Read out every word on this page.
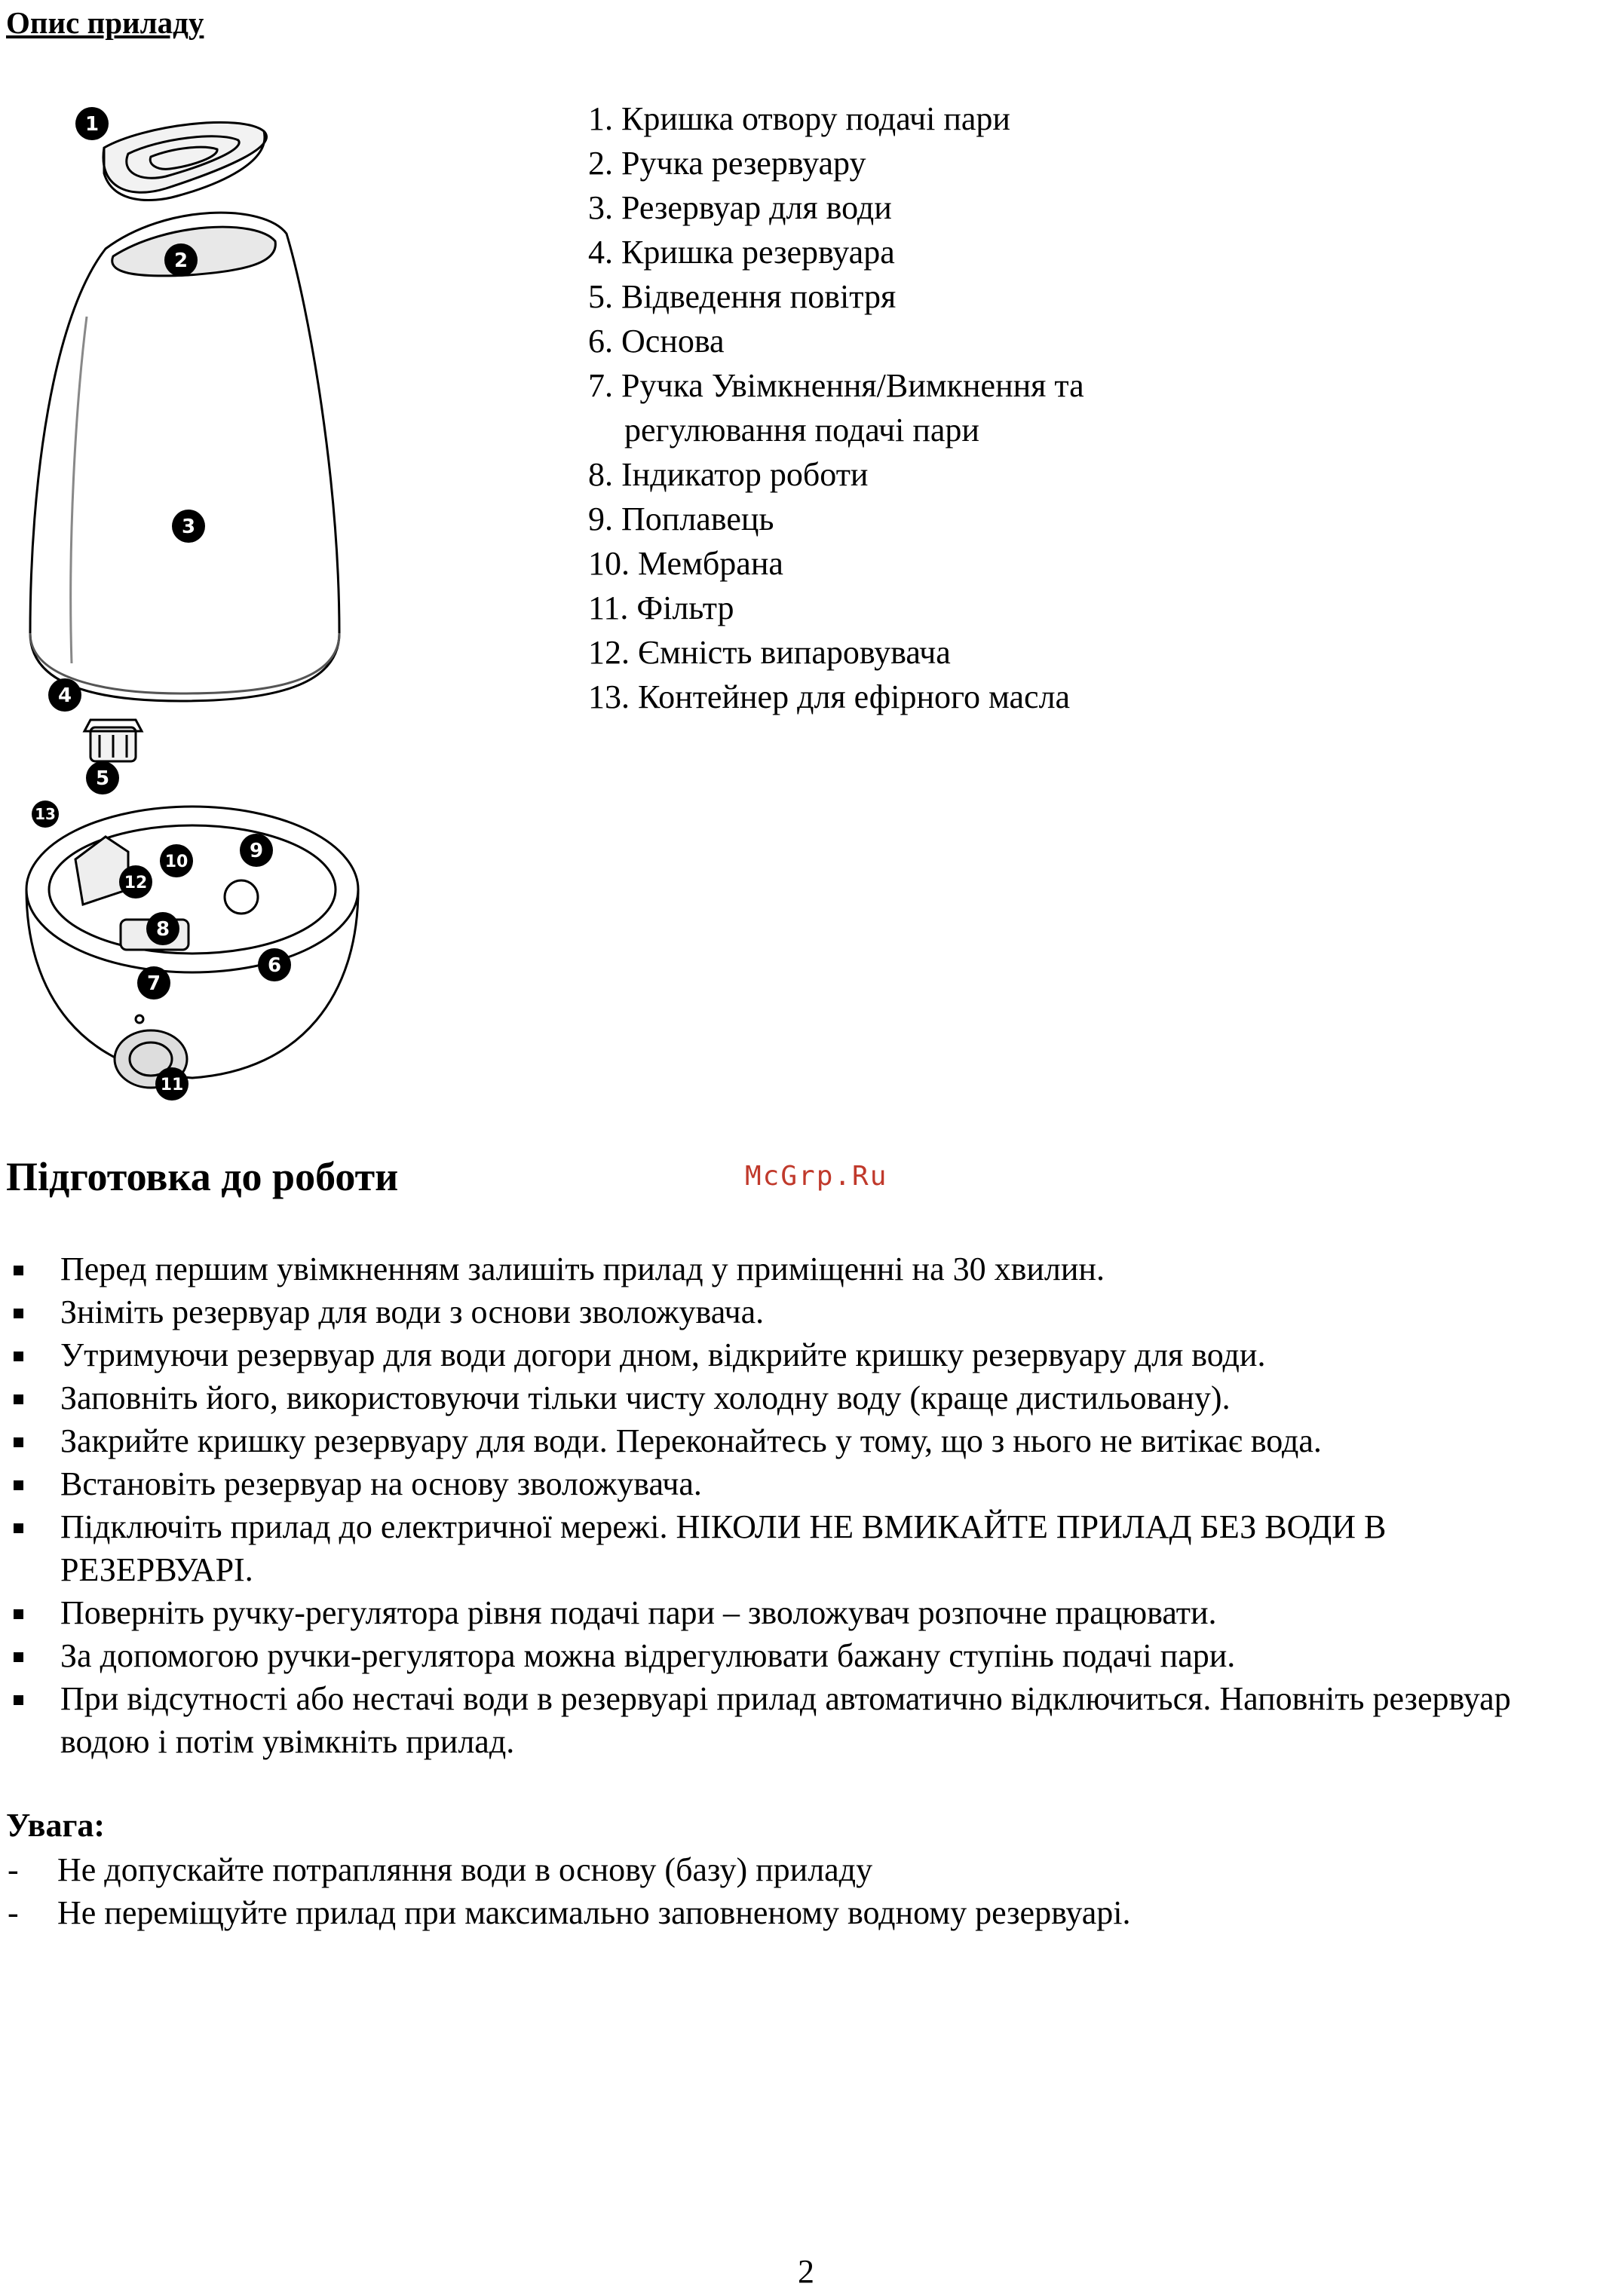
Опис приладу
1
2
3
4
5
6
7
8
9
10
11
12
13
1. Кришка отвору подачі пари
2. Ручка резервуару
3. Резервуар для води
4. Кришка резервуара
5. Відведення повітря
6. Основа
7. Ручка Увімкнення/Вимкнення та
регулювання подачі пари
8. Індикатор роботи
9. Поплавець
10. Мембрана
11. Фільтр
12. Ємність випаровувача
13. Контейнер для ефірного масла
Підготовка до роботи	McGrp.Ru
Перед першим увімкненням залишіть прилад у приміщенні на 30 хвилин.
Зніміть резервуар для води з основи зволожувача.
Утримуючи резервуар для води догори дном, відкрийте кришку резервуару для води.
Заповніть його, використовуючи тільки чисту холодну воду (краще дистильовану).
Закрийте кришку резервуару для води. Переконайтесь у тому, що з нього не витікає вода.
Встановіть резервуар на основу зволожувача.
Підключіть прилад до електричної мережі. НІКОЛИ НЕ ВМИКАЙТЕ ПРИЛАД БЕЗ ВОДИ В РЕЗЕРВУАРІ.
Поверніть ручку-регулятора рівня подачі пари – зволожувач розпочне працювати.
За допомогою ручки-регулятора можна відрегулювати бажану ступінь подачі пари.
При відсутності або нестачі води в резервуарі прилад автоматично відключиться. Наповніть резервуар водою і потім увімкніть прилад.
Увага:
- Не допускайте потрапляння води в основу (базу) приладу
- Не переміщуйте прилад при максимально заповненому водному резервуарі.
2
